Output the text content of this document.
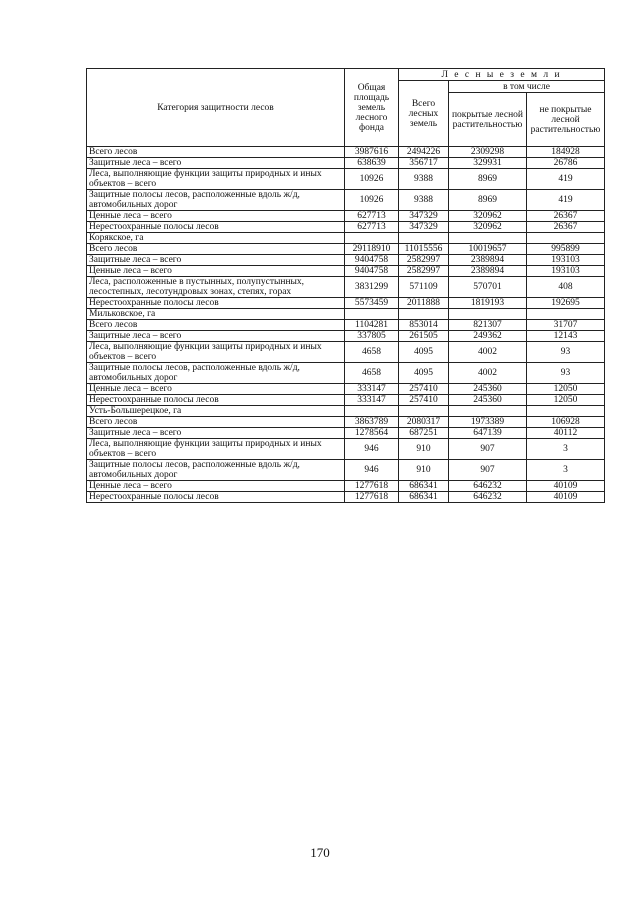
Категория защитности лесов	Общая площадь земель лесного фонда	Л е с н ы е з е м л и		
		Всего лесных земель	в том числе	
			покрытые лесной растительностью	не покрытые лесной растительностью
Всего лесов	3987616	2494226	2309298	184928
Защитные леса – всего	638639	356717	329931	26786
Леса, выполняющие функции защиты природных и иных объектов – всего	10926	9388	8969	419
Защитные полосы лесов, расположенные вдоль ж/д, автомобильных дорог	10926	9388	8969	419
Ценные леса – всего	627713	347329	320962	26367
Нерестоохранные полосы лесов	627713	347329	320962	26367
Корякское, га				
Всего лесов	29118910	11015556	10019657	995899
Защитные леса – всего	9404758	2582997	2389894	193103
Ценные леса – всего	9404758	2582997	2389894	193103
Леса, расположенные в пустынных, полупустынных, лесостепных, лесотундровых зонах, степях, горах	3831299	571109	570701	408
Нерестоохранные полосы лесов	5573459	2011888	1819193	192695
Мильковское, га				
Всего лесов	1104281	853014	821307	31707
Защитные леса – всего	337805	261505	249362	12143
Леса, выполняющие функции защиты природных и иных объектов – всего	4658	4095	4002	93
Защитные полосы лесов, расположенные вдоль ж/д, автомобильных дорог	4658	4095	4002	93
Ценные леса – всего	333147	257410	245360	12050
Нерестоохранные полосы лесов	333147	257410	245360	12050
Усть-Большерецкое, га				
Всего лесов	3863789	2080317	1973389	106928
Защитные леса – всего	1278564	687251	647139	40112
Леса, выполняющие функции защиты природных и иных объектов – всего	946	910	907	3
Защитные полосы лесов, расположенные вдоль ж/д, автомобильных дорог	946	910	907	3
Ценные леса – всего	1277618	686341	646232	40109
Нерестоохранные полосы лесов	1277618	686341	646232	40109
170
